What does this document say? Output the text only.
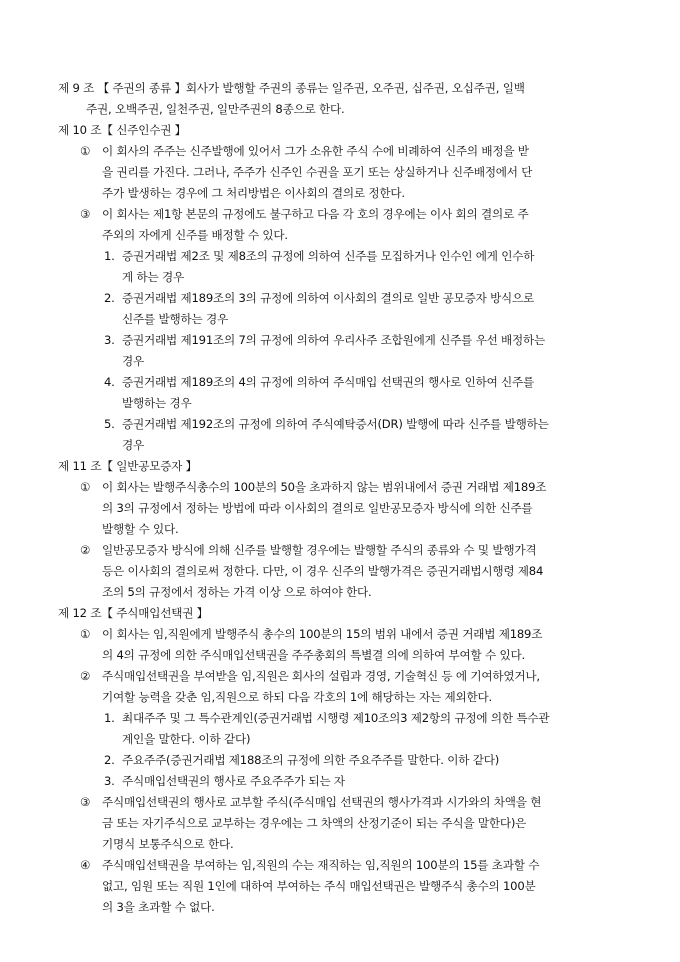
제 9 조 【 주권의 종류 】회사가 발행할 주권의 종류는 일주권, 오주권, 십주권, 오십주권, 일백
주권, 오백주권, 일천주권, 일만주권의 8종으로 한다.
제 10 조【 신주인수권 】
① 이 회사의 주주는 신주발행에 있어서 그가 소유한 주식 수에 비례하여 신주의 배정을 받
을 권리를 가진다. 그러나, 주주가 신주인 수권을 포기 또는 상실하거나 신주배정에서 단
주가 발생하는 경우에 그 처리방법은 이사회의 결의로 정한다.
③ 이 회사는 제1항 본문의 규정에도 불구하고 다음 각 호의 경우에는 이사 회의 결의로 주
주외의 자에게 신주를 배정할 수 있다.
1. 증권거래법 제2조 및 제8조의 규정에 의하여 신주를 모집하거나 인수인 에게 인수하
게 하는 경우
2. 증권거래법 제189조의 3의 규정에 의하여 이사회의 결의로 일반 공모증자 방식으로
신주를 발행하는 경우
3. 증권거래법 제191조의 7의 규정에 의하여 우리사주 조합원에게 신주를 우선 배정하는
경우
4. 증권거래법 제189조의 4의 규정에 의하여 주식매입 선택권의 행사로 인하여 신주를
발행하는 경우
5. 증권거래법 제192조의 규정에 의하여 주식예탁증서(DR) 발행에 따라 신주를 발행하는
경우
제 11 조【 일반공모증자 】
① 이 회사는 발행주식총수의 100분의 50을 초과하지 않는 범위내에서 증권 거래법 제189조
의 3의 규정에서 정하는 방법에 따라 이사회의 결의로 일반공모증자 방식에 의한 신주를
발행할 수 있다.
② 일반공모증자 방식에 의해 신주를 발행할 경우에는 발행할 주식의 종류와 수 및 발행가격
등은 이사회의 결의로써 정한다. 다만, 이 경우 신주의 발행가격은 증권거래법시행령 제84
조의 5의 규정에서 정하는 가격 이상 으로 하여야 한다.
제 12 조【 주식매입선택권 】
① 이 회사는 임,직원에게 발행주식 총수의 100분의 15의 범위 내에서 증권 거래법 제189조
의 4의 규정에 의한 주식매입선택권을 주주총회의 특별결 의에 의하여 부여할 수 있다.
② 주식매입선택권을 부여받을 임,직원은 회사의 설립과 경영, 기술혁신 등 에 기여하였거나,
기여할 능력을 갖춘 임,직원으로 하되 다음 각호의 1에 해당하는 자는 제외한다.
1. 최대주주 및 그 특수관계인(증권거래법 시행령 제10조의3 제2항의 규정에 의한 특수관
계인을 말한다. 이하 같다)
2. 주요주주(증권거래법 제188조의 규정에 의한 주요주주를 말한다. 이하 같다)
3. 주식매입선택권의 행사로 주요주주가 되는 자
③ 주식매입선택권의 행사로 교부할 주식(주식매입 선택권의 행사가격과 시가와의 차액을 현
금 또는 자기주식으로 교부하는 경우에는 그 차액의 산정기준이 되는 주식을 말한다)은
기명식 보통주식으로 한다.
④ 주식매입선택권을 부여하는 임,직원의 수는 재직하는 임,직원의 100분의 15를 초과할 수
없고, 임원 또는 직원 1인에 대하여 부여하는 주식 매입선택권은 발행주식 총수의 100분
의 3을 초과할 수 없다.
